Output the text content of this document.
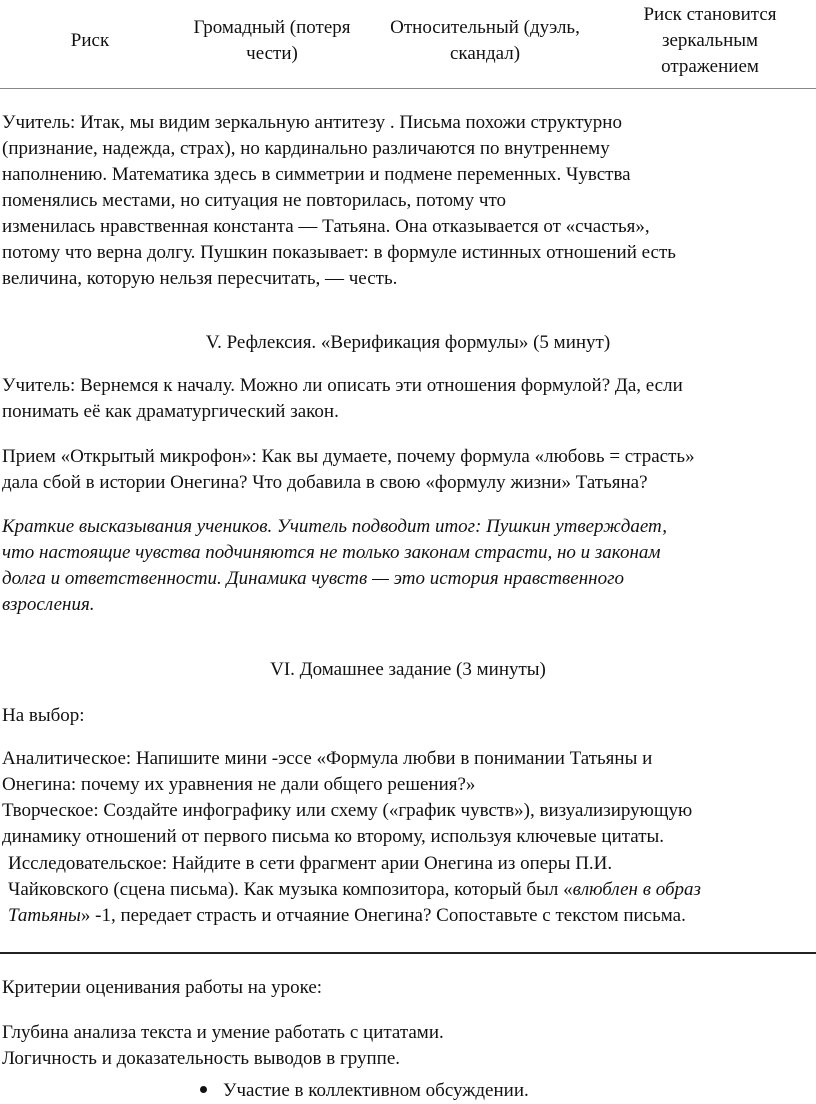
Риск
Громадный (потеря
чести)
Относительный (дуэль,
скандал)
Риск становится
зеркальным
отражением
Учитель: Итак, мы видим зеркальную антитезу . Письма похожи структурно
(признание, надежда, страх), но кардинально различаются по внутреннему
наполнению. Математика здесь в симметрии и подмене переменных. Чувства
поменялись местами, но ситуация не повторилась, потому что
изменилась нравственная константа — Татьяна. Она отказывается от «счастья»,
потому что верна долгу. Пушкин показывает: в формуле истинных отношений есть
величина, которую нельзя пересчитать, — честь.
V. Рефлексия. «Верификация формулы» (5 минут)
Учитель: Вернемся к началу. Можно ли описать эти отношения формулой? Да, если
понимать её как драматургический закон.
Прием «Открытый микрофон»: Как вы думаете, почему формула «любовь = страсть»
дала сбой в истории Онегина? Что добавила в свою «формулу жизни» Татьяна?
Краткие высказывания учеников. Учитель подводит итог: Пушкин утверждает,
что настоящие чувства подчиняются не только законам страсти, но и законам
долга и ответственности. Динамика чувств — это история нравственного
взросления.
VI. Домашнее задание (3 минуты)
На выбор:
Аналитическое: Напишите мини -эссе «Формула любви в понимании Татьяны и
Онегина: почему их уравнения не дали общего решения?»
Творческое: Создайте инфографику или схему («график чувств»), визуализирующую
динамику отношений от первого письма ко второму, используя ключевые цитаты.
Исследовательское: Найдите в сети фрагмент арии Онегина из оперы П.И.
Чайковского (сцена письма). Как музыка композитора, который был «влюблен в образ
Татьяны» -1, передает страсть и отчаяние Онегина? Сопоставьте с текстом письма.
Критерии оценивания работы на уроке:
Глубина анализа текста и умение работать с цитатами.
Логичность и доказательность выводов в группе.
Участие в коллективном обсуждении.
